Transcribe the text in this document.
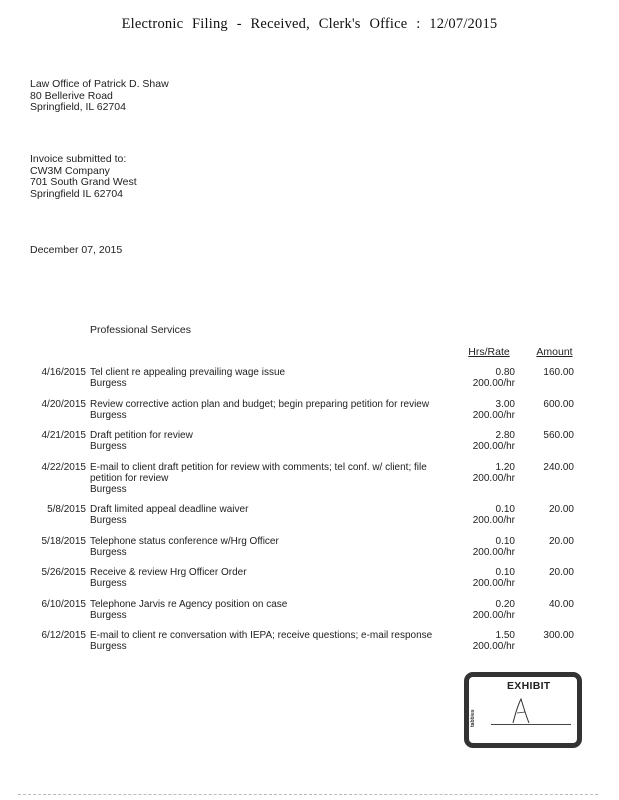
Electronic Filing - Received, Clerk's Office : 12/07/2015
Law Office of Patrick D. Shaw
80 Bellerive Road
Springfield, IL 62704
Invoice submitted to:
CW3M Company
701 South Grand West
Springfield IL 62704
December 07, 2015
Professional Services
Hrs/Rate	Amount
4/16/2015 Tel client re appealing prevailing wage issue
Burgess
0.80
200.00/hr
160.00
4/20/2015 Review corrective action plan and budget; begin preparing petition for review
Burgess
3.00
200.00/hr
600.00
4/21/2015 Draft petition for review
Burgess
2.80
200.00/hr
560.00
4/22/2015 E-mail to client draft petition for review with comments; tel conf. w/ client; file petition for review
Burgess
1.20
200.00/hr
240.00
5/8/2015 Draft limited appeal deadline waiver
Burgess
0.10
200.00/hr
20.00
5/18/2015 Telephone status conference w/Hrg Officer
Burgess
0.10
200.00/hr
20.00
5/26/2015 Receive & review Hrg Officer Order
Burgess
0.10
200.00/hr
20.00
6/10/2015 Telephone Jarvis re Agency position on case
Burgess
0.20
200.00/hr
40.00
6/12/2015 E-mail to client re conversation with IEPA; receive questions; e-mail response
Burgess
1.50
200.00/hr
300.00
EXHIBIT
tabbies
